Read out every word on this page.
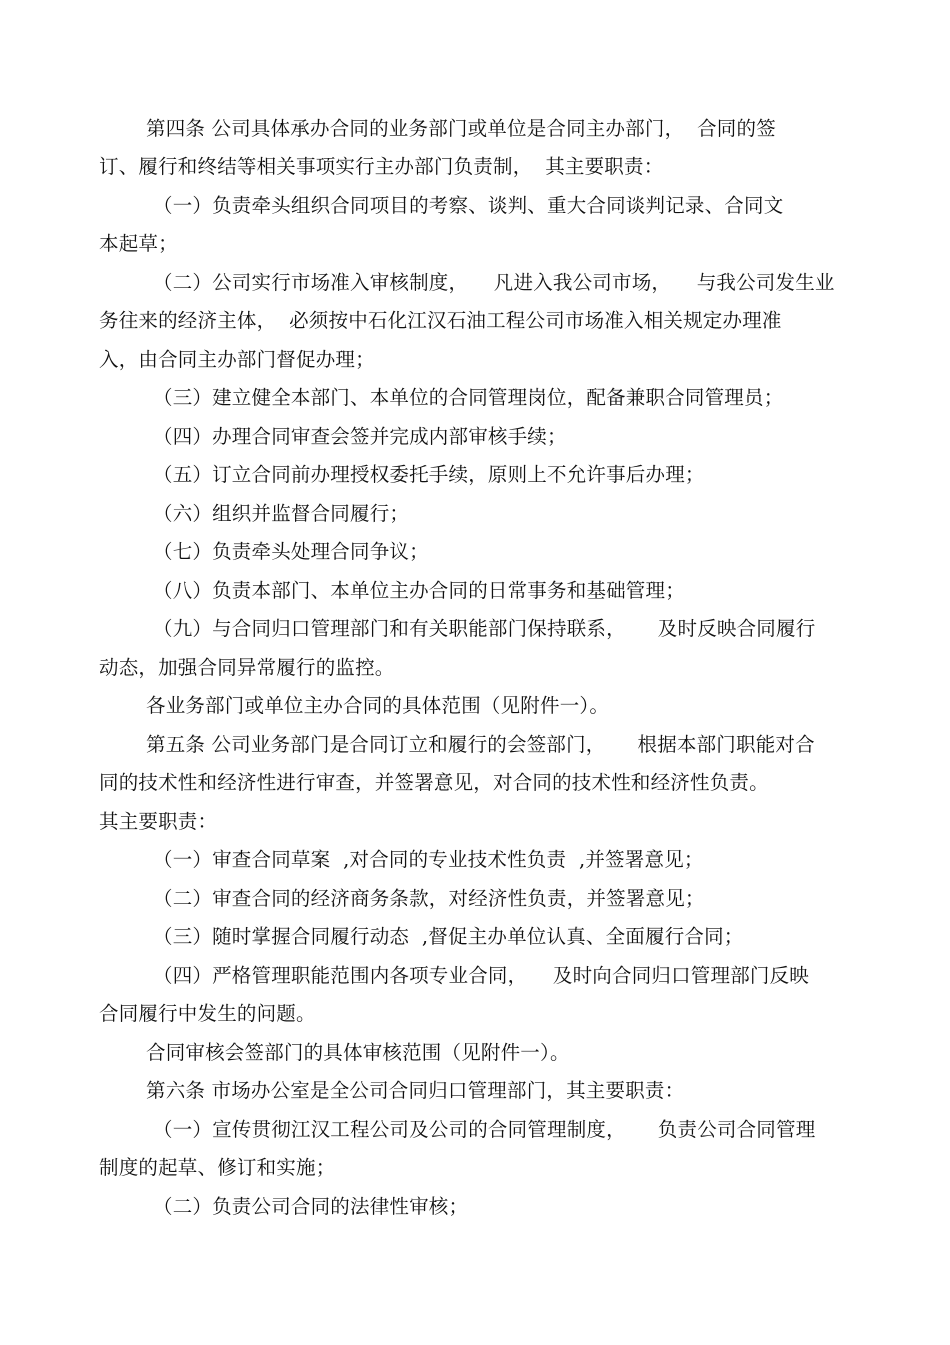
第四条 公司具体承办合同的业务部门或单位是合同主办部门，  合同的签
订、履行和终结等相关事项实行主办部门负责制，  其主要职责：
（一）负责牵头组织合同项目的考察、谈判、重大合同谈判记录、合同文
本起草；
（二）公司实行市场准入审核制度，    凡进入我公司市场，    与我公司发生业
务往来的经济主体，  必须按中石化江汉石油工程公司市场准入相关规定办理准
入，由合同主办部门督促办理；
（三）建立健全本部门、本单位的合同管理岗位，配备兼职合同管理员；
（四）办理合同审查会签并完成内部审核手续；
（五）订立合同前办理授权委托手续，原则上不允许事后办理；
（六）组织并监督合同履行；
（七）负责牵头处理合同争议；
（八）负责本部门、本单位主办合同的日常事务和基础管理；
（九）与合同归口管理部门和有关职能部门保持联系，     及时反映合同履行
动态，加强合同异常履行的监控。
各业务部门或单位主办合同的具体范围（见附件一）。
第五条 公司业务部门是合同订立和履行的会签部门，     根据本部门职能对合
同的技术性和经济性进行审查，并签署意见，对合同的技术性和经济性负责。
其主要职责：
（一）审查合同草案  ,对合同的专业技术性负责  ,并签署意见；
（二）审查合同的经济商务条款，对经济性负责，并签署意见；
（三）随时掌握合同履行动态  ,督促主办单位认真、全面履行合同；
（四）严格管理职能范围内各项专业合同，    及时向合同归口管理部门反映
合同履行中发生的问题。
合同审核会签部门的具体审核范围（见附件一）。
第六条 市场办公室是全公司合同归口管理部门，其主要职责：
（一）宣传贯彻江汉工程公司及公司的合同管理制度，     负责公司合同管理
制度的起草、修订和实施；
（二）负责公司合同的法律性审核；
